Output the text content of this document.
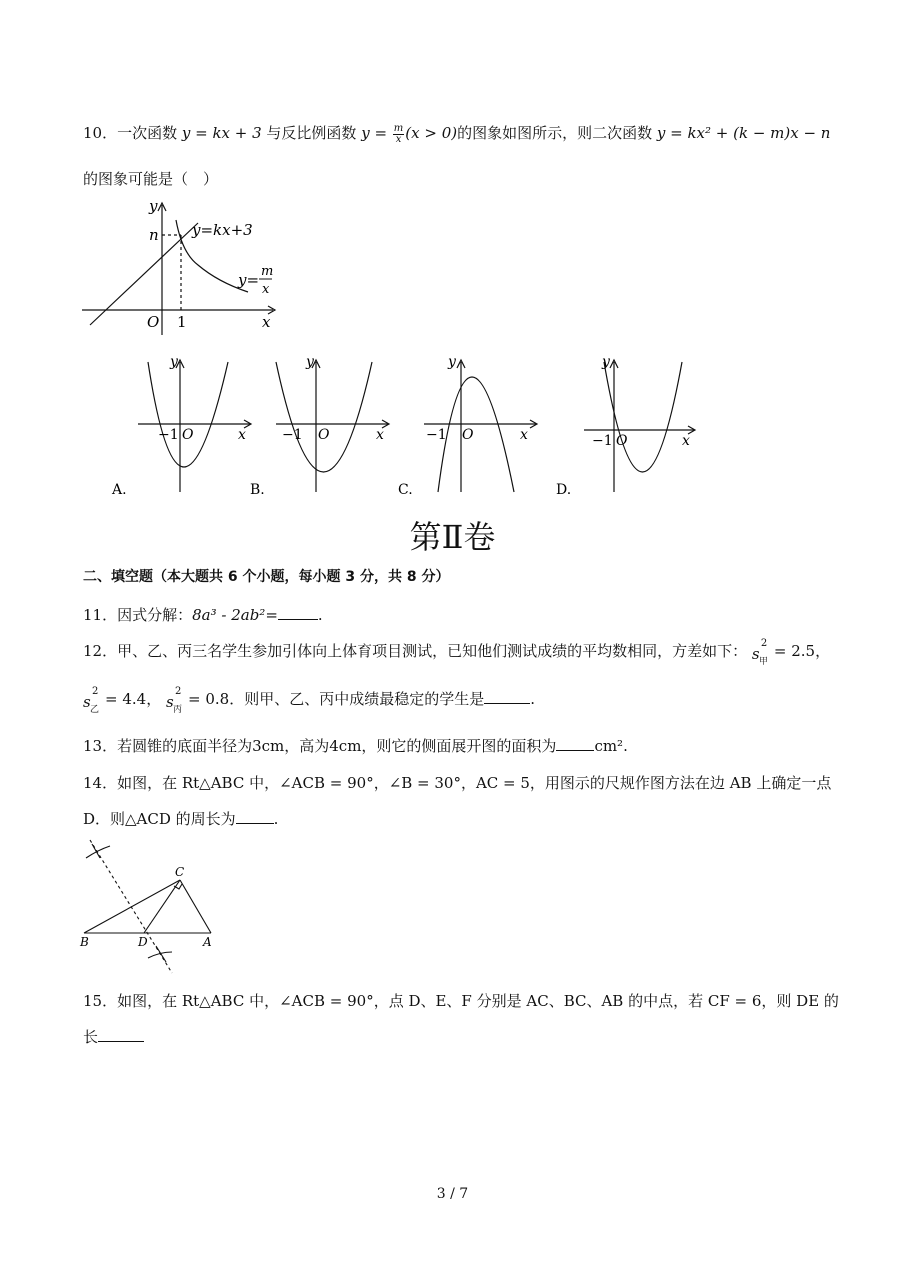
10．一次函数 y = kx + 3 与反比例函数 $y = \frac{m}{x} (x > 0)$的图象如图所示，则二次函数 y = kx² + (k − m)x − n
的图象可能是（　）
y
n y=kx+3
y= m
x
O 1	x
y
−1 O	x
A.
y
−1 O	x
B.
y
−1 O	x
C.
y
−1 O	x
D.
第Ⅱ卷
二、填空题（本大题共 6 个小题，每小题 3 分，共 8 分）
11．因式分解：8a³ - 2ab²=	.
12．甲、乙、丙三名学生参加引体向上体育项目测试，已知他们测试成绩的平均数相同，方差如下： s
2
甲
= 2.5，
s
2
乙
= 4.4， s
2
丙
= 0.8．则甲、乙、丙中成绩最稳定的学生是	.
13．若圆锥的底面半径为3cm，高为4cm，则它的侧面展开图的面积为	cm².
14．如图，在 Rt△ABC 中，∠ACB = 90°，∠B = 30°，AC = 5，用图示的尺规作图方法在边 AB 上确定一点
D．则△ACD 的周长为	.
C
B	D	A
15．如图，在 Rt△ABC 中，∠ACB = 90°，点 D、E、F 分别是 AC、BC、AB 的中点，若 CF = 6，则 DE 的
长
3 / 7
